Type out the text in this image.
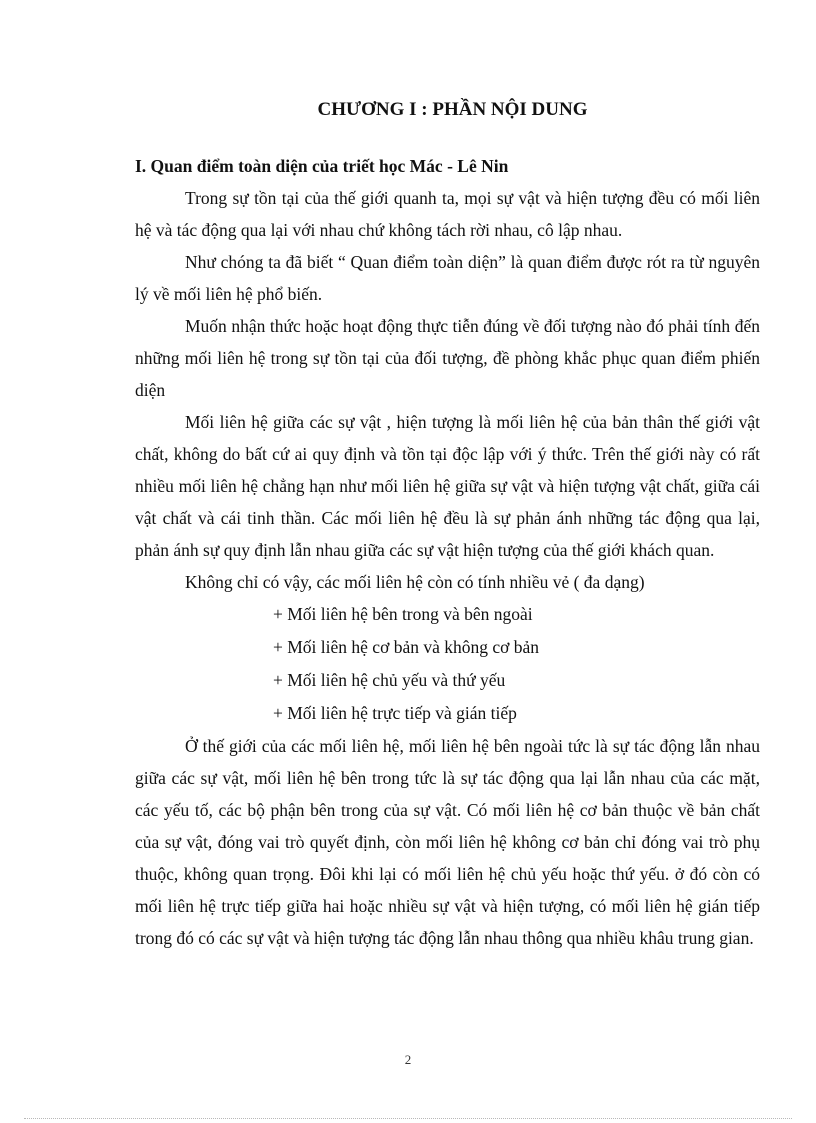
CHƯƠNG I : PHẦN NỘI DUNG

I. Quan điểm toàn diện của triết học Mác - Lê Nin

Trong sự tồn tại của thế giới quanh ta, mọi sự vật và hiện tượng đều có mối liên hệ và tác động qua lại với nhau chứ không tách rời nhau, cô lập nhau.

Như chóng ta đã biết “ Quan điểm toàn diện” là quan điểm được rót ra từ nguyên lý về mối liên hệ phổ biến.

Muốn nhận thức hoặc hoạt động thực tiễn đúng về đối tượng nào đó phải tính đến những mối liên hệ trong sự tồn tại của đối tượng, đề phòng khắc phục quan điểm phiến diện

Mối liên hệ giữa các sự vật , hiện tượng là mối liên hệ của bản thân thế giới vật chất, không do bất cứ ai quy định và tồn tại độc lập với ý thức. Trên thế giới này có rất nhiều mối liên hệ chẳng hạn như mối liên hệ giữa sự vật và hiện tượng vật chất, giữa cái vật chất và cái tinh thần. Các mối liên hệ đều là sự phản ánh những tác động qua lại, phản ánh sự quy định lẫn nhau giữa các sự vật hiện tượng của thế giới khách quan.

Không chỉ có vậy, các mối liên hệ còn có tính nhiều vẻ ( đa dạng)

+ Mối liên hệ bên trong và bên ngoài

+ Mối liên hệ cơ bản và không cơ bản

+ Mối liên hệ chủ yếu và thứ yếu

+ Mối liên hệ trực tiếp và gián tiếp

Ở thế giới của các mối liên hệ, mối liên hệ bên ngoài tức là sự tác động lẫn nhau giữa các sự vật, mối liên hệ bên trong tức là sự tác động qua lại lẫn nhau của các mặt, các yếu tố, các bộ phận bên trong của sự vật. Có mối liên hệ cơ bản thuộc về bản chất của sự vật, đóng vai trò quyết định, còn mối liên hệ không cơ bản chỉ đóng vai trò phụ thuộc, không quan trọng. Đôi khi lại có mối liên hệ chủ yếu hoặc thứ yếu. ở đó còn có mối liên hệ trực tiếp giữa hai hoặc nhiều sự vật và hiện tượng, có mối liên hệ gián tiếp trong đó có các sự vật và hiện tượng tác động lẫn nhau thông qua nhiều khâu trung gian.

2
